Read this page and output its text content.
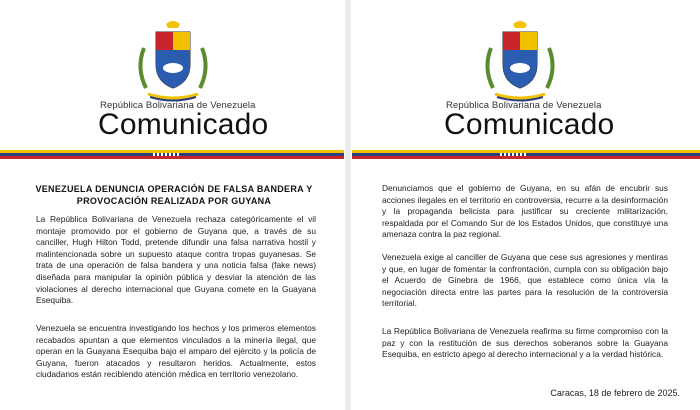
República Bolivariana de Venezuela
Comunicado
VENEZUELA DENUNCIA OPERACIÓN DE FALSA BANDERA Y
PROVOCACIÓN REALIZADA POR GUYANA
La República Bolivariana de Venezuela rechaza categóricamente el vil montaje promovido por el gobierno de Guyana que, a través de su canciller, Hugh Hilton Todd, pretende difundir una falsa narrativa hostil y malintencionada sobre un supuesto ataque contra tropas guyanesas. Se trata de una operación de falsa bandera y una noticia falsa (fake news) diseñada para manipular la opinión pública y desviar la atención de las violaciones al derecho internacional que Guyana comete en la Guayana Esequiba.
Venezuela se encuentra investigando los hechos y los primeros elementos recabados apuntan a que elementos vinculados a la minería ilegal, que operan en la Guayana Esequiba bajo el amparo del ejército y la policía de Guyana, fueron atacados y resultaron heridos. Actualmente, estos ciudadanos están recibiendo atención médica en territorio venezolano.
República Bolivariana de Venezuela
Comunicado
Denunciamos que el gobierno de Guyana, en su afán de encubrir sus acciones ilegales en el territorio en controversia, recurre a la desinformación y la propaganda belicista para justificar su creciente militarización, respaldada por el Comando Sur de los Estados Unidos, que constituye una amenaza contra la paz regional.
Venezuela exige al canciller de Guyana que cese sus agresiones y mentiras y que, en lugar de fomentar la confrontación, cumpla con su obligación bajo el Acuerdo de Ginebra de 1966, que establece como única vía la negociación directa entre las partes para la resolución de la controversia territorial.
La República Bolivariana de Venezuela reafirma su firme compromiso con la paz y con la restitución de sus derechos soberanos sobre la Guayana Esequiba, en estricto apego al derecho internacional y a la verdad histórica.
Caracas, 18 de febrero de 2025.
